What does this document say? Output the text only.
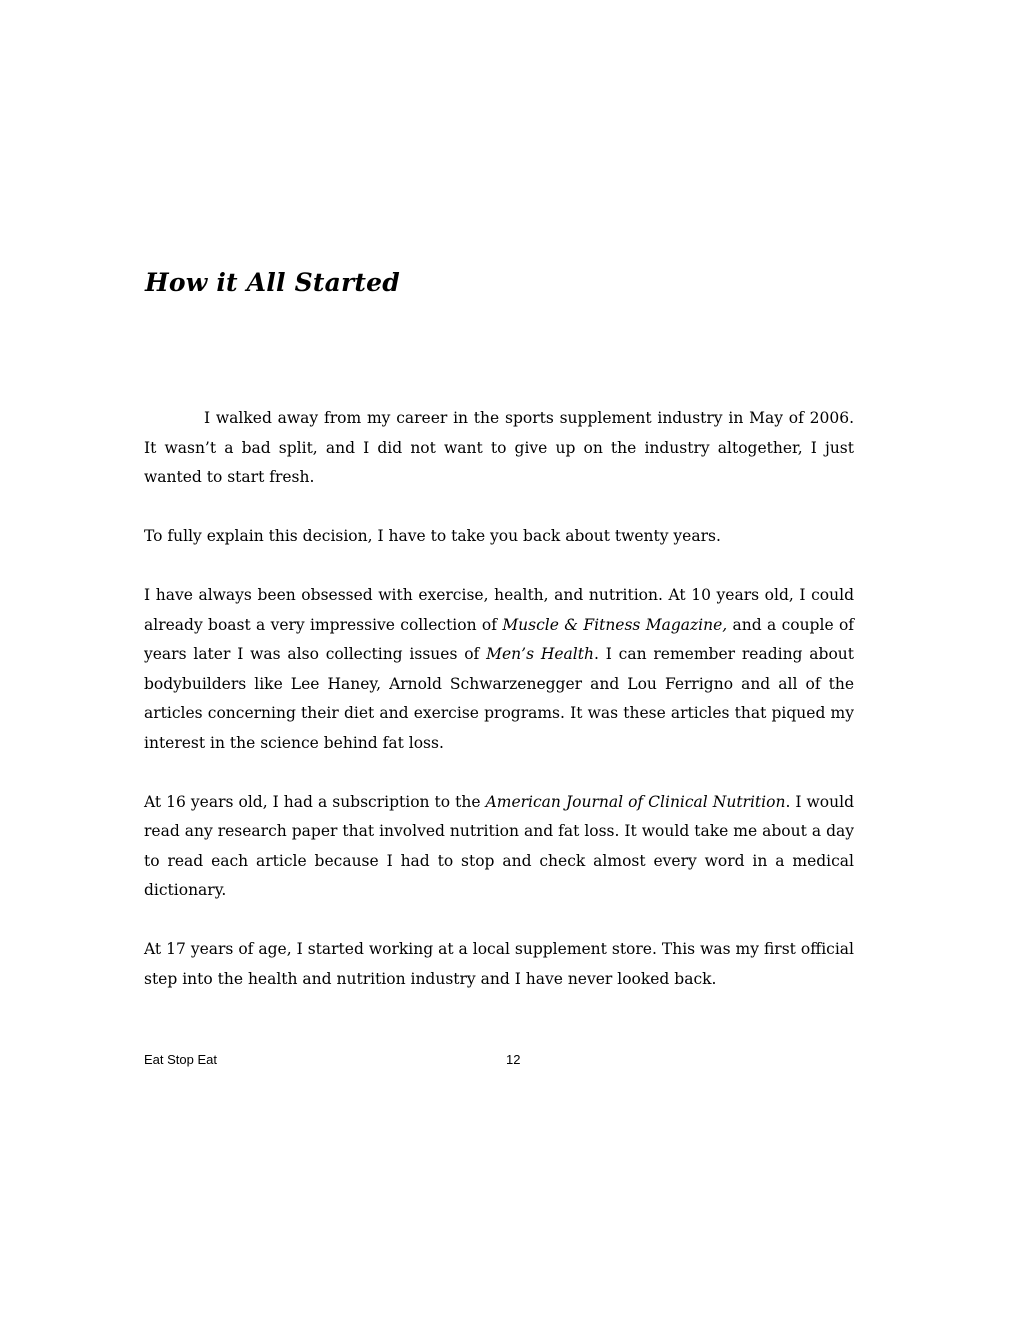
How it All Started

I walked away from my career in the sports supplement industry in May of 2006. It wasn’t a bad split, and I did not want to give up on the industry altogether, I just wanted to start fresh.

To fully explain this decision, I have to take you back about twenty years.

I have always been obsessed with exercise, health, and nutrition. At 10 years old, I could already boast a very impressive collection of Muscle & Fitness Magazine, and a couple of years later I was also collecting issues of Men’s Health. I can remember reading about bodybuilders like Lee Haney, Arnold Schwarzenegger and Lou Ferrigno and all of the articles concerning their diet and exercise programs. It was these articles that piqued my interest in the science behind fat loss.

At 16 years old, I had a subscription to the American Journal of Clinical Nutrition. I would read any research paper that involved nutrition and fat loss. It would take me about a day to read each article because I had to stop and check almost every word in a medical dictionary.

At 17 years of age, I started working at a local supplement store. This was my first official step into the health and nutrition industry and I have never looked back.

Eat Stop Eat	12
